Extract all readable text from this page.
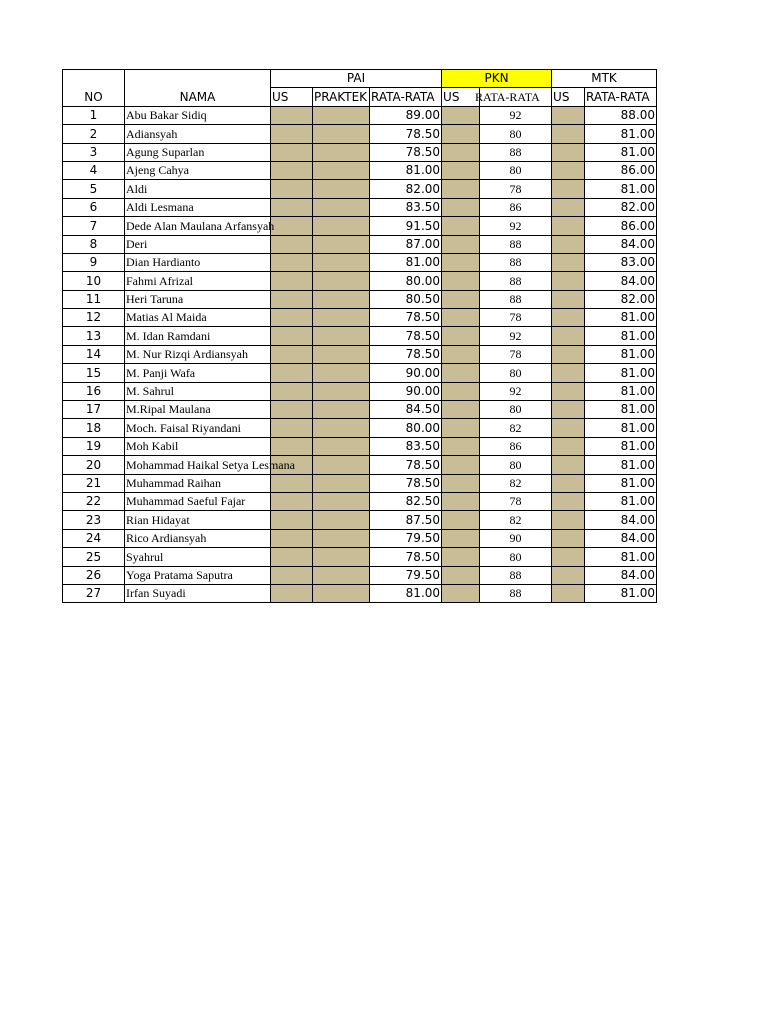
		PAI			PKN		MTK	
NO	NAMA	US	PRAKTEK	RATA-RATA	US	RATA-RATA	US	RATA-RATA
1	Abu Bakar Sidiq			89.00		92		88.00
2	Adiansyah			78.50		80		81.00
3	Agung Suparlan			78.50		88		81.00
4	Ajeng Cahya			81.00		80		86.00
5	Aldi			82.00		78		81.00
6	Aldi Lesmana			83.50		86		82.00
7	Dede Alan Maulana Arfansyah			91.50		92		86.00
8	Deri			87.00		88		84.00
9	Dian Hardianto			81.00		88		83.00
10	Fahmi Afrizal			80.00		88		84.00
11	Heri Taruna			80.50		88		82.00
12	Matias Al Maida			78.50		78		81.00
13	M. Idan Ramdani			78.50		92		81.00
14	M. Nur Rizqi Ardiansyah			78.50		78		81.00
15	M. Panji Wafa			90.00		80		81.00
16	M. Sahrul			90.00		92		81.00
17	M.Ripal Maulana			84.50		80		81.00
18	Moch. Faisal Riyandani			80.00		82		81.00
19	Moh Kabil			83.50		86		81.00
20	Mohammad Haikal Setya Lesmana			78.50		80		81.00
21	Muhammad Raihan			78.50		82		81.00
22	Muhammad Saeful Fajar			82.50		78		81.00
23	Rian Hidayat			87.50		82		84.00
24	Rico Ardiansyah			79.50		90		84.00
25	Syahrul			78.50		80		81.00
26	Yoga Pratama Saputra			79.50		88		84.00
27	Irfan Suyadi			81.00		88		81.00
